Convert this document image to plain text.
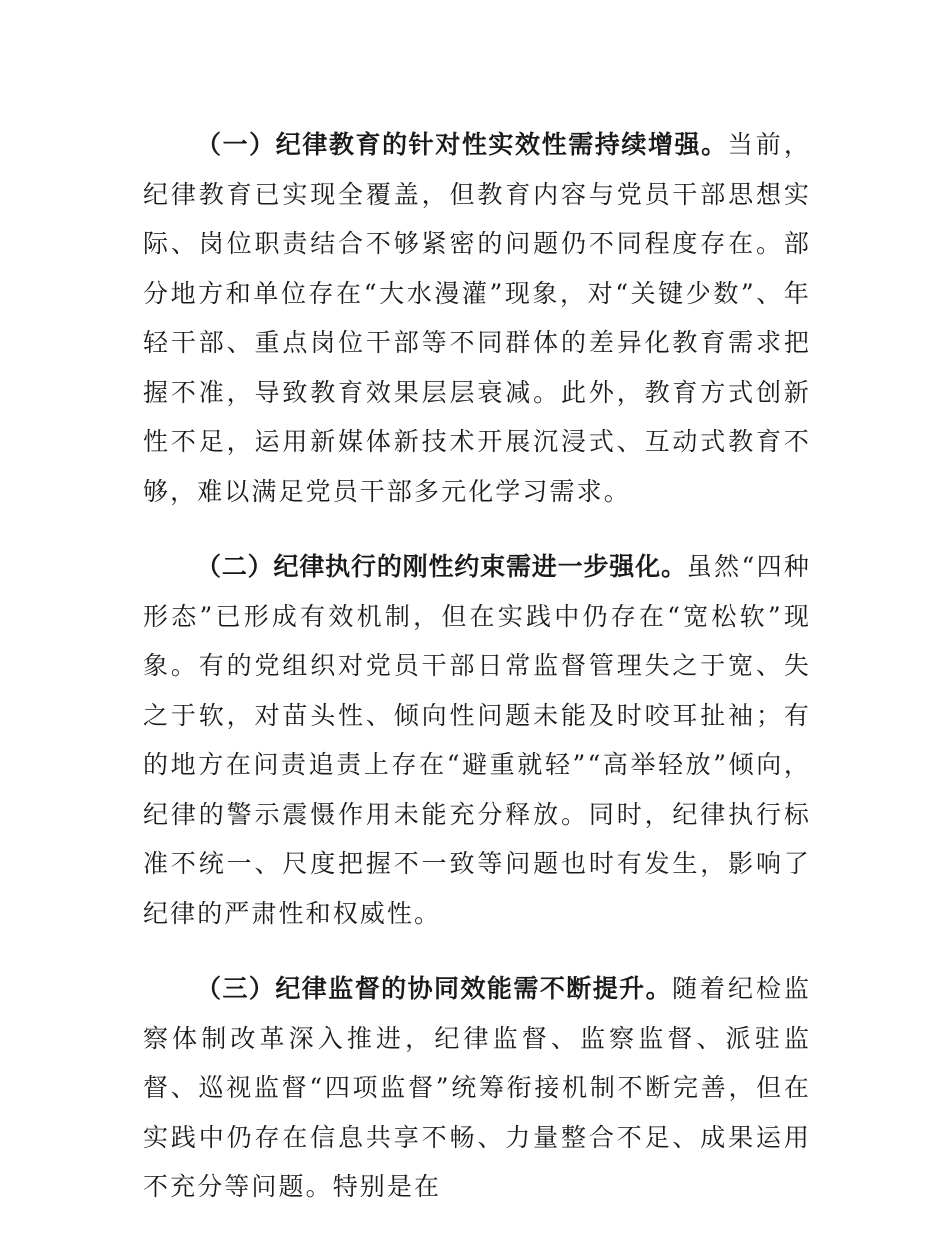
（一）纪律教育的针对性实效性需持续增强。当前，纪律教育已实现全覆盖，但教育内容与党员干部思想实际、岗位职责结合不够紧密的问题仍不同程度存在。部分地方和单位存在“大水漫灌”现象，对“关键少数”、年轻干部、重点岗位干部等不同群体的差异化教育需求把握不准，导致教育效果层层衰减。此外，教育方式创新性不足，运用新媒体新技术开展沉浸式、互动式教育不够，难以满足党员干部多元化学习需求。

（二）纪律执行的刚性约束需进一步强化。虽然“四种形态”已形成有效机制，但在实践中仍存在“宽松软”现象。有的党组织对党员干部日常监督管理失之于宽、失之于软，对苗头性、倾向性问题未能及时咬耳扯袖；有的地方在问责追责上存在“避重就轻”“高举轻放”倾向，纪律的警示震慑作用未能充分释放。同时，纪律执行标准不统一、尺度把握不一致等问题也时有发生，影响了纪律的严肃性和权威性。

（三）纪律监督的协同效能需不断提升。随着纪检监察体制改革深入推进，纪律监督、监察监督、派驻监督、巡视监督“四项监督”统筹衔接机制不断完善，但在实践中仍存在信息共享不畅、力量整合不足、成果运用不充分等问题。特别是在
